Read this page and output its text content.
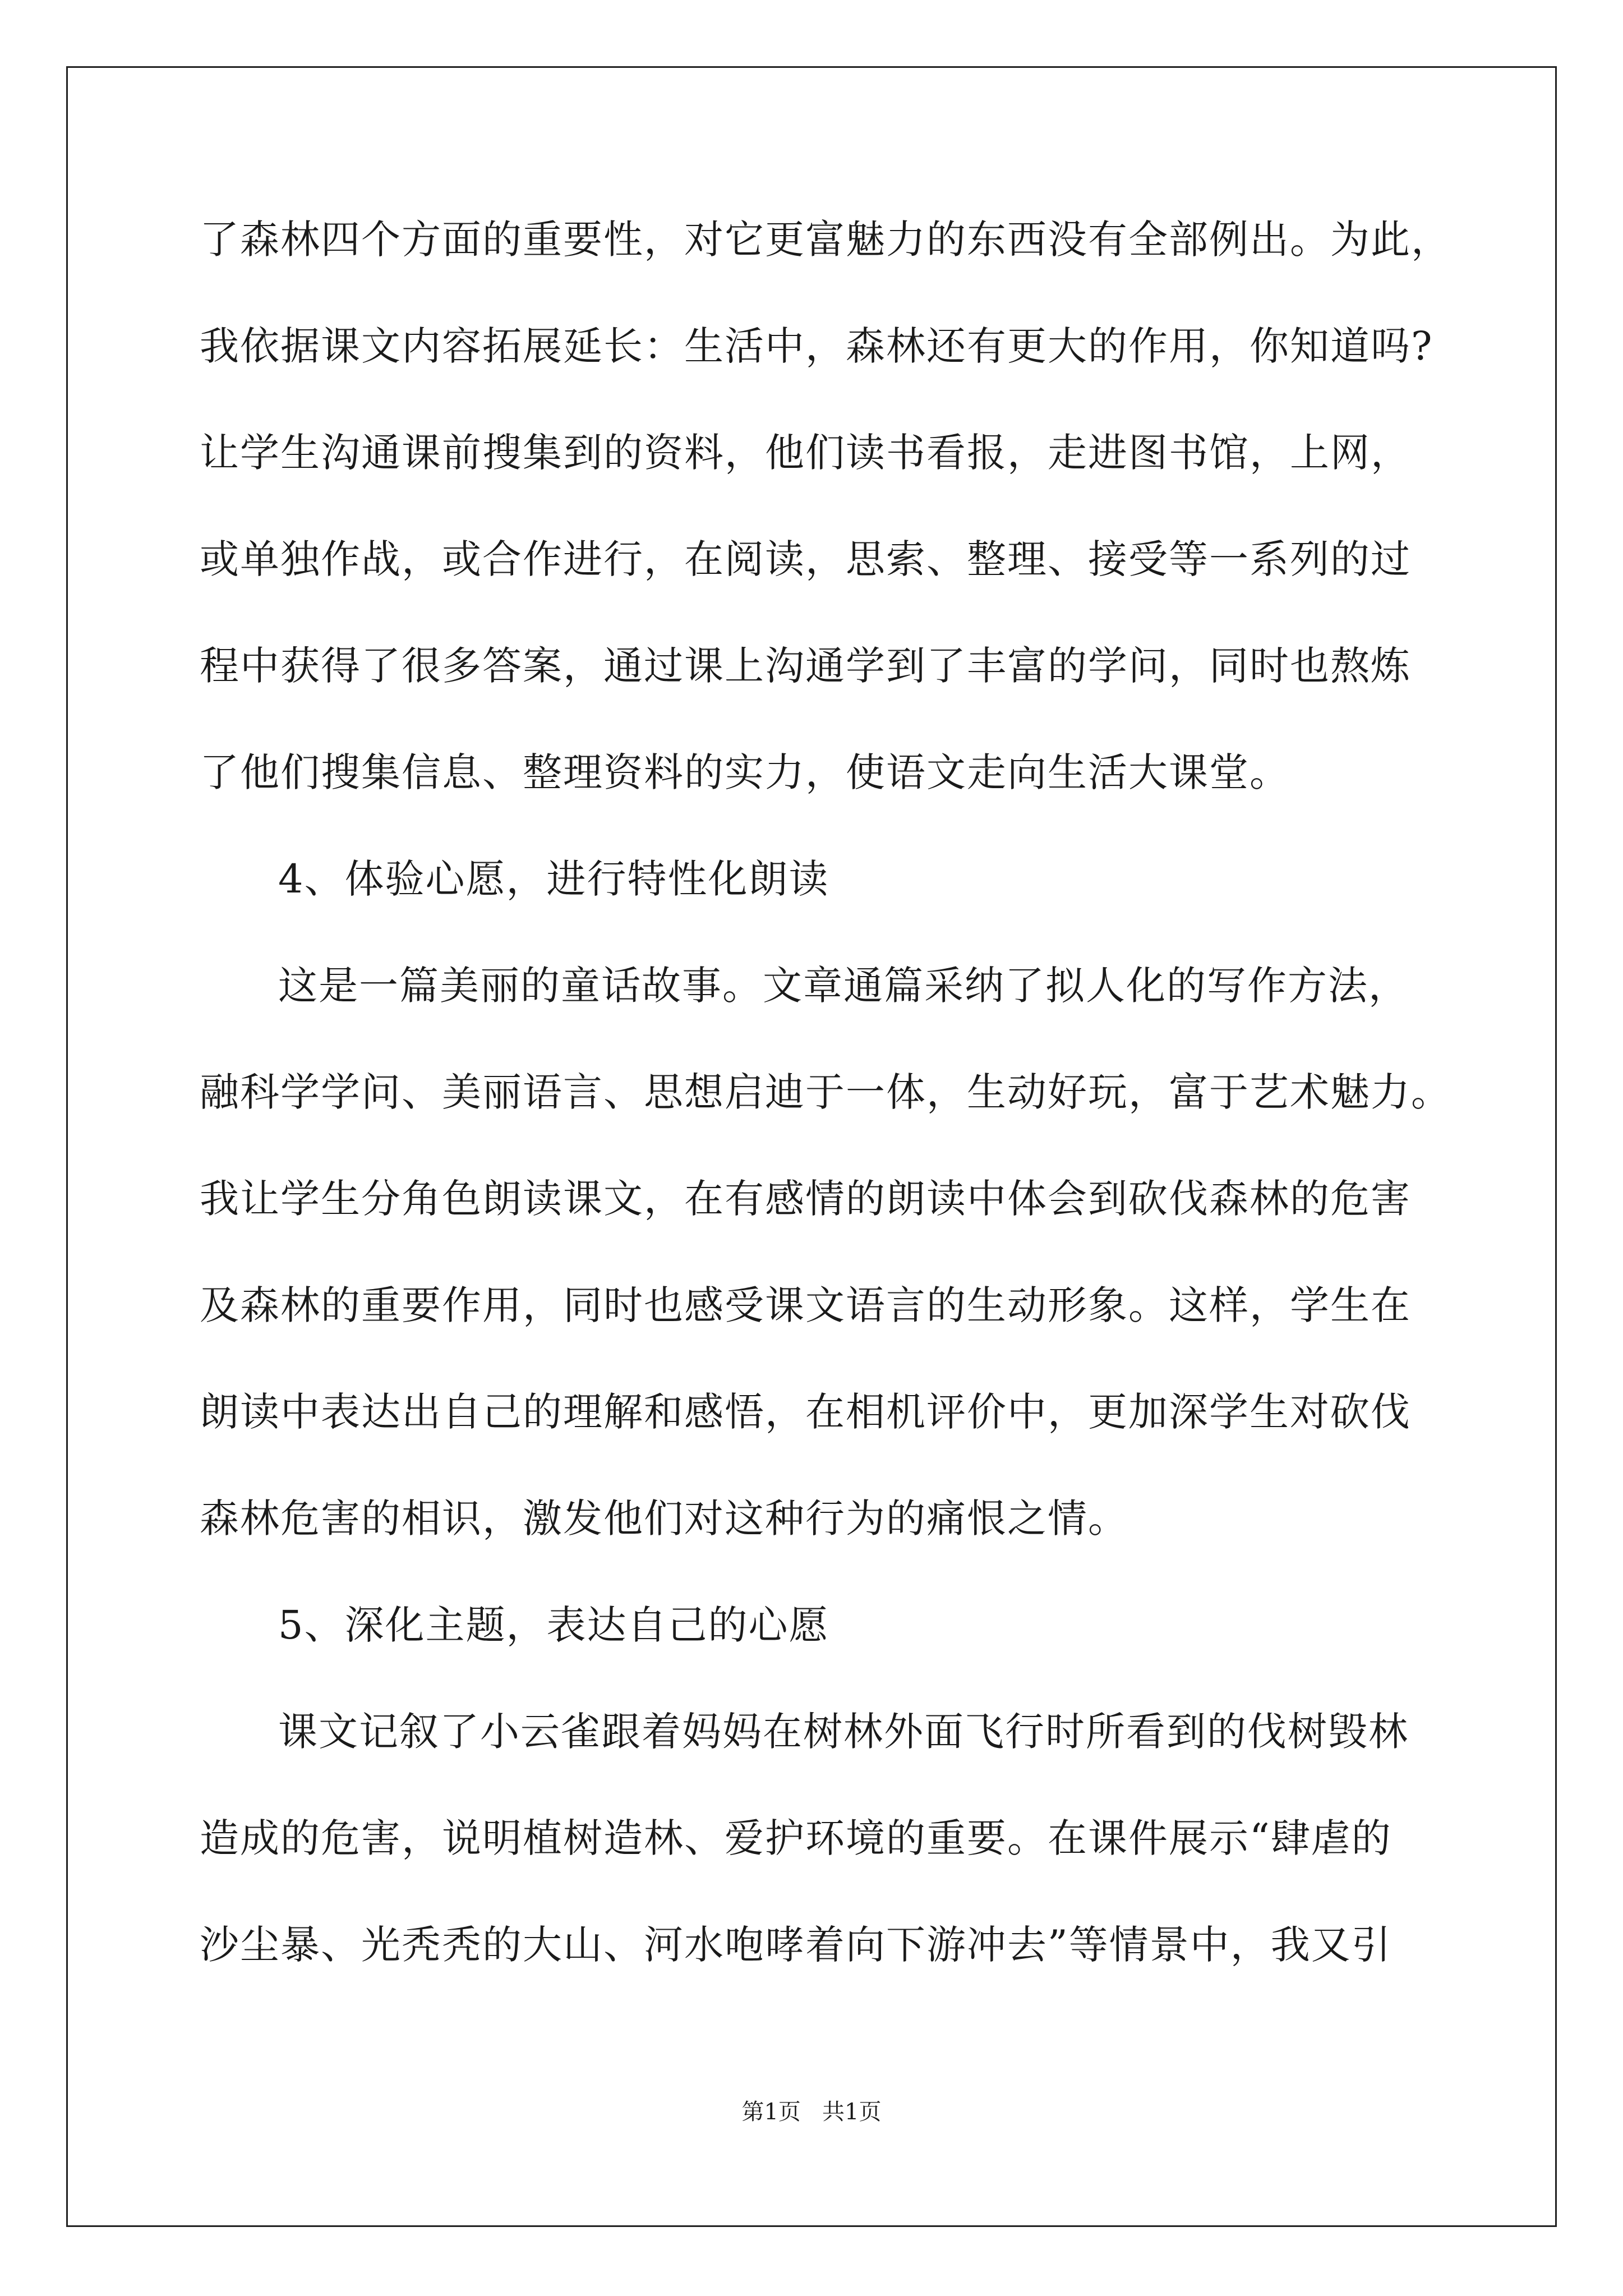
了森林四个方面的重要性，对它更富魅力的东西没有全部例出。为此，
我依据课文内容拓展延长：生活中，森林还有更大的作用，你知道吗?
让学生沟通课前搜集到的资料，他们读书看报，走进图书馆，上网，
或单独作战，或合作进行，在阅读，思索、整理、接受等一系列的过
程中获得了很多答案，通过课上沟通学到了丰富的学问，同时也熬炼
了他们搜集信息、整理资料的实力，使语文走向生活大课堂。
4、体验心愿，进行特性化朗读
这是一篇美丽的童话故事。文章通篇采纳了拟人化的写作方法，
融科学学问、美丽语言、思想启迪于一体，生动好玩，富于艺术魅力。
我让学生分角色朗读课文，在有感情的朗读中体会到砍伐森林的危害
及森林的重要作用，同时也感受课文语言的生动形象。这样，学生在
朗读中表达出自己的理解和感悟，在相机评价中，更加深学生对砍伐
森林危害的相识，激发他们对这种行为的痛恨之情。
5、深化主题，表达自己的心愿
课文记叙了小云雀跟着妈妈在树林外面飞行时所看到的伐树毁林
造成的危害，说明植树造林、爱护环境的重要。在课件展示“肆虐的
沙尘暴、光秃秃的大山、河水咆哮着向下游冲去”等情景中，我又引
第1页   共1页
